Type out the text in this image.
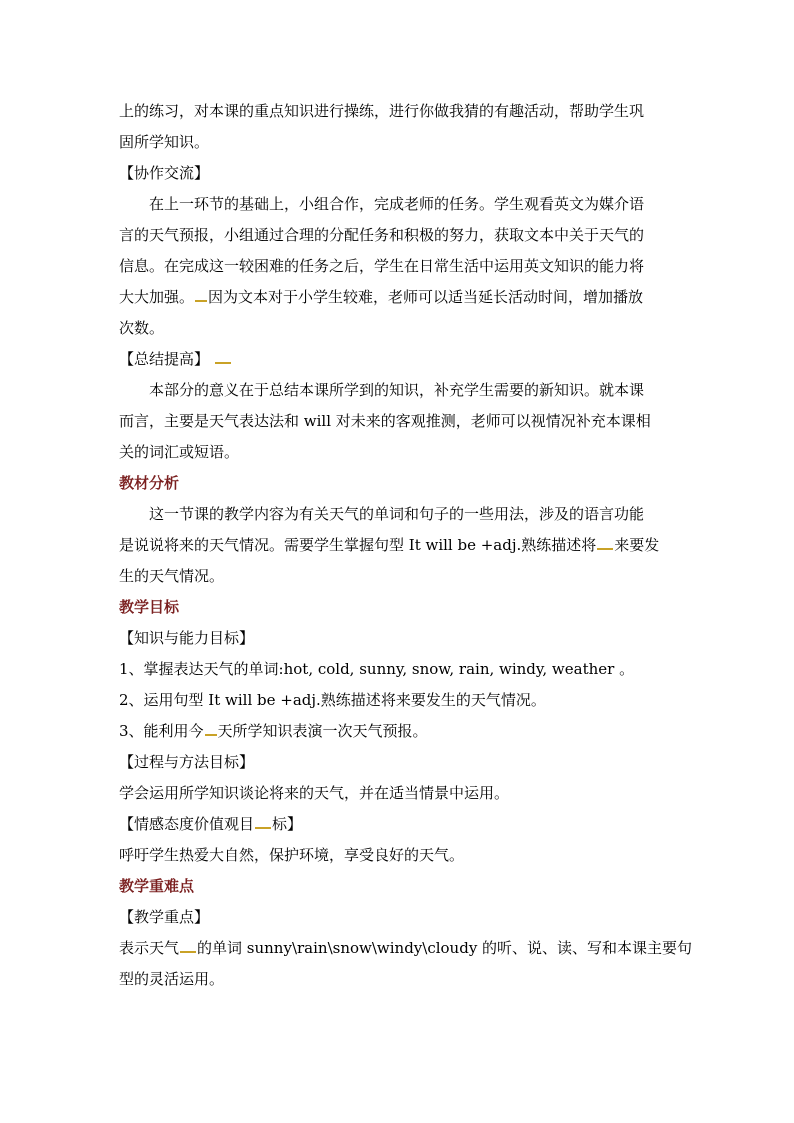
上的练习，对本课的重点知识进行操练，进行你做我猜的有趣活动，帮助学生巩

固所学知识。

【协作交流】

在上一环节的基础上，小组合作，完成老师的任务。学生观看英文为媒介语

言的天气预报，小组通过合理的分配任务和积极的努力，获取文本中关于天气的

信息。在完成这一较困难的任务之后，学生在日常生活中运用英文知识的能力将

大大加强。 因为文本对于小学生较难，老师可以适当延长活动时间，增加播放

次数。

【总结提高】

本部分的意义在于总结本课所学到的知识，补充学生需要的新知识。就本课

而言，主要是天气表达法和 will 对未来的客观推测，老师可以视情况补充本课相

关的词汇或短语。

教材分析

这一节课的教学内容为有关天气的单词和句子的一些用法，涉及的语言功能

是说说将来的天气情况。需要学生掌握句型 It will be +adj.熟练描述将 来要发

生的天气情况。

教学目标

【知识与能力目标】

1、掌握表达天气的单词:hot, cold, sunny, snow, rain, windy, weather 。

2、运用句型 It will be +adj.熟练描述将来要发生的天气情况。

3、能利用今 天所学知识表演一次天气预报。

【过程与方法目标】

学会运用所学知识谈论将来的天气，并在适当情景中运用。

【情感态度价值观目 标】

呼吁学生热爱大自然，保护环境，享受良好的天气。

教学重难点

【教学重点】

表示天气 的单词 sunny\rain\snow\windy\cloudy 的听、说、读、写和本课主要句

型的灵活运用。
